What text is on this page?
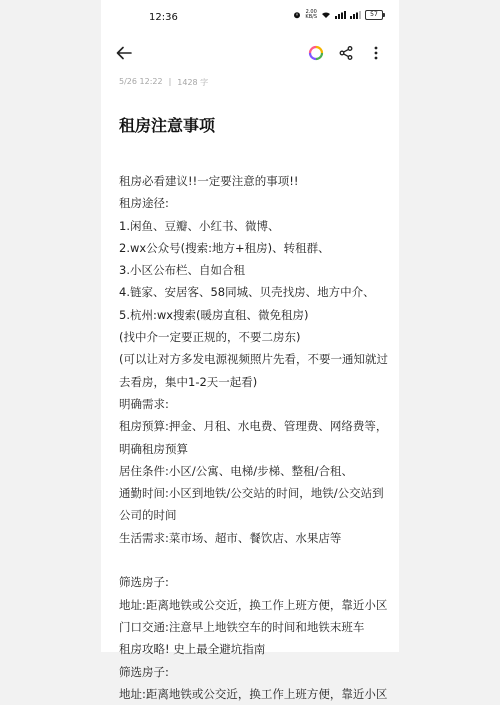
12:36	2.00
KB/S	57
5/26 12:22 | 1428 字
租房注意事项
租房必看建议!!一定要注意的事项!!
租房途径:
1.闲鱼、豆瓣、小红书、微博、
2.wx公众号(搜索:地方+租房)、转租群、
3.小区公布栏、自如合租
4.链家、安居客、58同城、贝壳找房、地方中介、
5.杭州:wx搜索(暖房直租、微免租房)
(找中介一定要正规的，不要二房东)
(可以让对方多发电源视频照片先看，不要一通知就过
去看房，集中1-2天一起看)
明确需求:
租房预算:押金、月租、水电费、管理费、网络费等，
明确租房预算
居住条件:小区/公寓、电梯/步梯、整租/合租、
通勤时间:小区到地铁/公交站的时间，地铁/公交站到
公司的时间
生活需求:菜市场、超市、餐饮店、水果店等
筛选房子:
地址:距离地铁或公交近，换工作上班方便，靠近小区
门口交通:注意早上地铁空车的时间和地铁末班车
租房攻略! 史上最全避坑指南
筛选房子:
地址:距离地铁或公交近，换工作上班方便，靠近小区
